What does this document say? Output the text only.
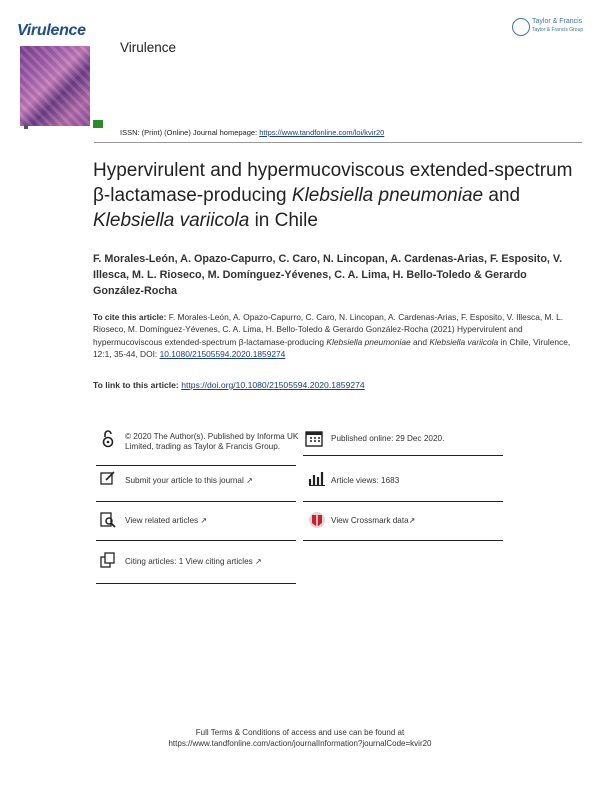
Virulence
Virulence
Taylor & Francis
Taylor & Francis Group
ISSN: (Print) (Online) Journal homepage: https://www.tandfonline.com/loi/kvir20
Hypervirulent and hypermucoviscous extended-spectrum β-lactamase-producing Klebsiella pneumoniae and Klebsiella variicola in Chile
F. Morales-León, A. Opazo-Capurro, C. Caro, N. Lincopan, A. Cardenas-Arias, F. Esposito, V. Illesca, M. L. Rioseco, M. Domínguez-Yévenes, C. A. Lima, H. Bello-Toledo & Gerardo González-Rocha
To cite this article: F. Morales-León, A. Opazo-Capurro, C. Caro, N. Lincopan, A. Cardenas-Arias, F. Esposito, V. Illesca, M. L. Rioseco, M. Domínguez-Yévenes, C. A. Lima, H. Bello-Toledo & Gerardo González-Rocha (2021) Hypervirulent and hypermucoviscous extended-spectrum β-lactamase-producing Klebsiella pneumoniae and Klebsiella variicola in Chile, Virulence, 12:1, 35-44, DOI: 10.1080/21505594.2020.1859274
To link to this article: https://doi.org/10.1080/21505594.2020.1859274
© 2020 The Author(s). Published by Informa UK Limited, trading as Taylor & Francis Group.
Submit your article to this journal ↗
View related articles ↗
Citing articles: 1 View citing articles ↗
Published online: 29 Dec 2020.
Article views: 1683
View Crossmark data↗
Full Terms & Conditions of access and use can be found at
https://www.tandfonline.com/action/journalInformation?journalCode=kvir20
